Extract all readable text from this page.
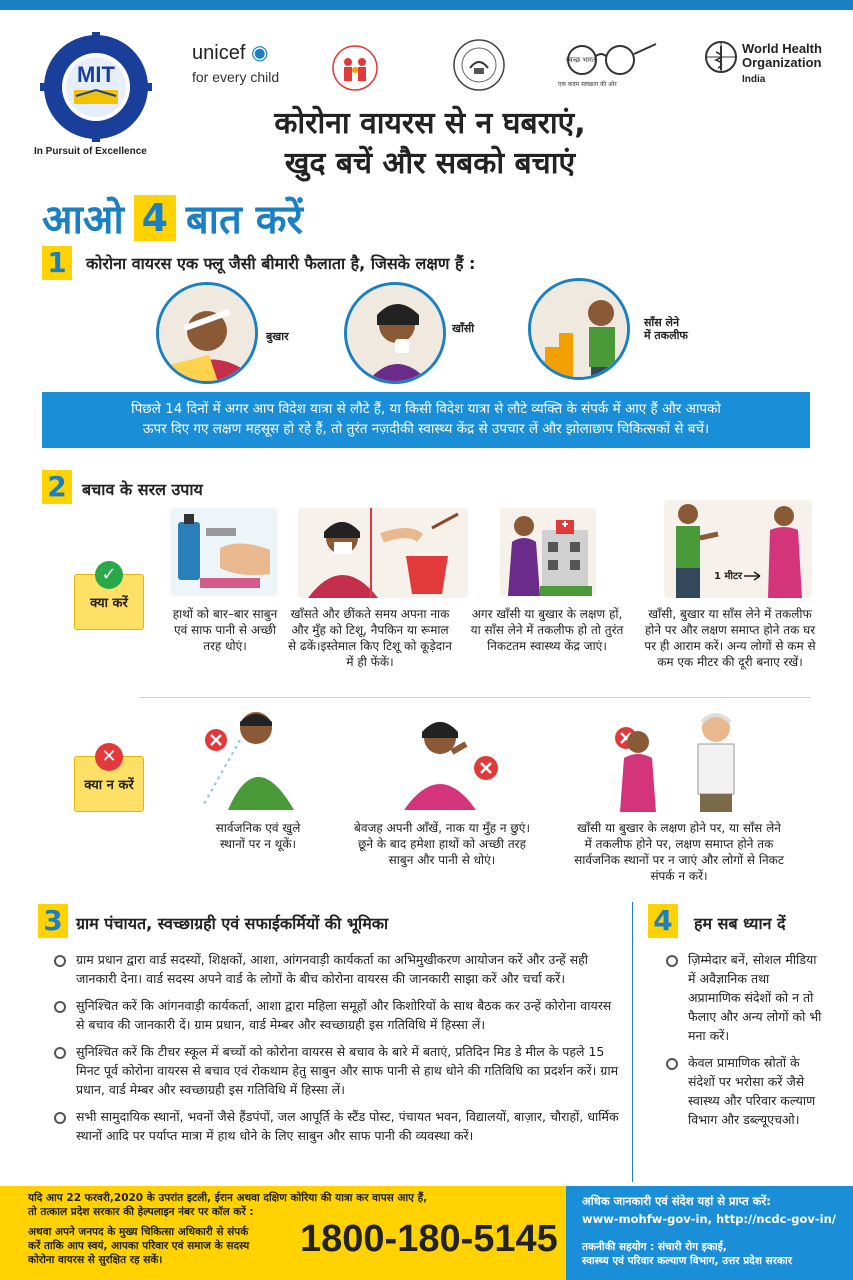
MIT
In Pursuit of Excellence
unicef ◉
for every child
स्वच्छ भारत
एक कदम स्वच्छता की ओर
World Health Organization
India
कोरोना वायरस से न घबराएं,
खुद बचें और सबको बचाएं
आओ 4 बात करें
1	कोरोना वायरस एक फ्लू जैसी बीमारी फैलाता है, जिसके लक्षण हैं :
बुखार
खाँसी	साँस लेने
में तकलीफ
पिछले 14 दिनों में अगर आप विदेश यात्रा से लौटे हैं, या किसी विदेश यात्रा से लौटे व्यक्ति के संपर्क में आए हैं और आपको
ऊपर दिए गए लक्षण महसूस हो रहे हैं, तो तुरंत नज़दीकी स्वास्थ्य केंद्र से उपचार लें और झोलाछाप चिकित्सकों से बचें।
2 बचाव के सरल उपाय
✓
क्या करें
हाथों को बार–बार साबुन एवं साफ पानी से अच्छी तरह धोएं।
खाँसते और छींकते समय अपना नाक और मुँह को टिशू, नैपकिन या रूमाल से ढकें।इस्तेमाल किए टिशू को कूड़ेदान में ही फेंकें।
अगर खाँसी या बुखार के लक्षण हों, या साँस लेने में तकलीफ हो तो तुरंत निकटतम स्वास्थ्य केंद्र जाएं।
1 मीटर
खाँसी, बुखार या साँस लेने में तकलीफ होने पर और लक्षण समाप्त होने तक घर पर ही आराम करें। अन्य लोगों से कम से कम एक मीटर की दूरी बनाए रखें।
✕
क्या न करें
सार्वजनिक एवं खुले स्थानों पर न थूकें।
बेवजह अपनी आँखें, नाक या मुँह न छुएं।छूने के बाद हमेशा हाथों को अच्छी तरह साबुन और पानी से धोएं।
खाँसी या बुखार के लक्षण होने पर, या साँस लेने में तकलीफ होने पर, लक्षण समाप्त होने तक सार्वजनिक स्थानों पर न जाएं और लोगों से निकट संपर्क न करें।
3 ग्राम पंचायत, स्वच्छाग्रही एवं सफाईकर्मियों की भूमिका
ग्राम प्रधान द्वारा वार्ड सदस्यों, शिक्षकों, आशा, आंगनवाड़ी कार्यकर्ता का अभिमुखीकरण आयोजन करें और उन्हें सही जानकारी देना। वार्ड सदस्य अपने वार्ड के लोगों के बीच कोरोना वायरस की जानकारी साझा करें और चर्चा करें।
सुनिश्चित करें कि आंगनवाड़ी कार्यकर्ता, आशा द्वारा महिला समूहों और किशोरियों के साथ बैठक कर उन्हें कोरोना वायरस से बचाव की जानकारी दें। ग्राम प्रधान, वार्ड मेम्बर और स्वच्छाग्रही इस गतिविधि में हिस्सा लें।
सुनिश्चित करें कि टीचर स्कूल में बच्चों को कोरोना वायरस से बचाव के बारे में बताएं, प्रतिदिन मिड डे मील के पहले 15 मिनट पूर्व कोरोना वायरस से बचाव एवं रोकथाम हेतु साबुन और साफ पानी से हाथ धोने की गतिविधि का प्रदर्शन करें। ग्राम प्रधान, वार्ड मेम्बर और स्वच्छाग्रही इस गतिविधि में हिस्सा लें।
सभी सामुदायिक स्थानों, भवनों जैसे हैंडपंपों, जल आपूर्ति के स्टैंड पोस्ट, पंचायत भवन, विद्यालयों, बाज़ार, चौराहों, धार्मिक स्थानों आदि पर पर्याप्त मात्रा में हाथ धोने के लिए साबुन और साफ पानी की व्यवस्था करें।
4	हम सब ध्यान दें
ज़िम्मेदार बनें, सोशल मीडिया में अवैज्ञानिक तथा अप्रामाणिक संदेशों को न तो फैलाए और अन्य लोगों को भी मना करें।
केवल प्रामाणिक स्रोतों के संदेशों पर भरोसा करें जैसे स्वास्थ्य और परिवार कल्याण विभाग और डब्ल्यूएचओ।
यदि आप 22 फरवरी,2020 के उपरांत इटली, ईरान अथवा दक्षिण कोरिया की यात्रा कर वापस आए हैं,
तो तत्काल प्रदेश सरकार की हेल्पलाइन नंबर पर कॉल करें :
अथवा अपने जनपद के मुख्य चिकित्सा अधिकारी से संपर्क
करें ताकि आप स्वयं, आपका परिवार एवं समाज के सदस्य
कोरोना वायरस से सुरक्षित रह सकें।	1800-180-5145
अधिक जानकारी एवं संदेश यहां से प्राप्त करें:
www-mohfw-gov-in, http://ncdc-gov-in/
तकनीकी सहयोग : संचारी रोग इकाई,
स्वास्थ्य एवं परिवार कल्याण विभाग, उत्तर प्रदेश सरकार
